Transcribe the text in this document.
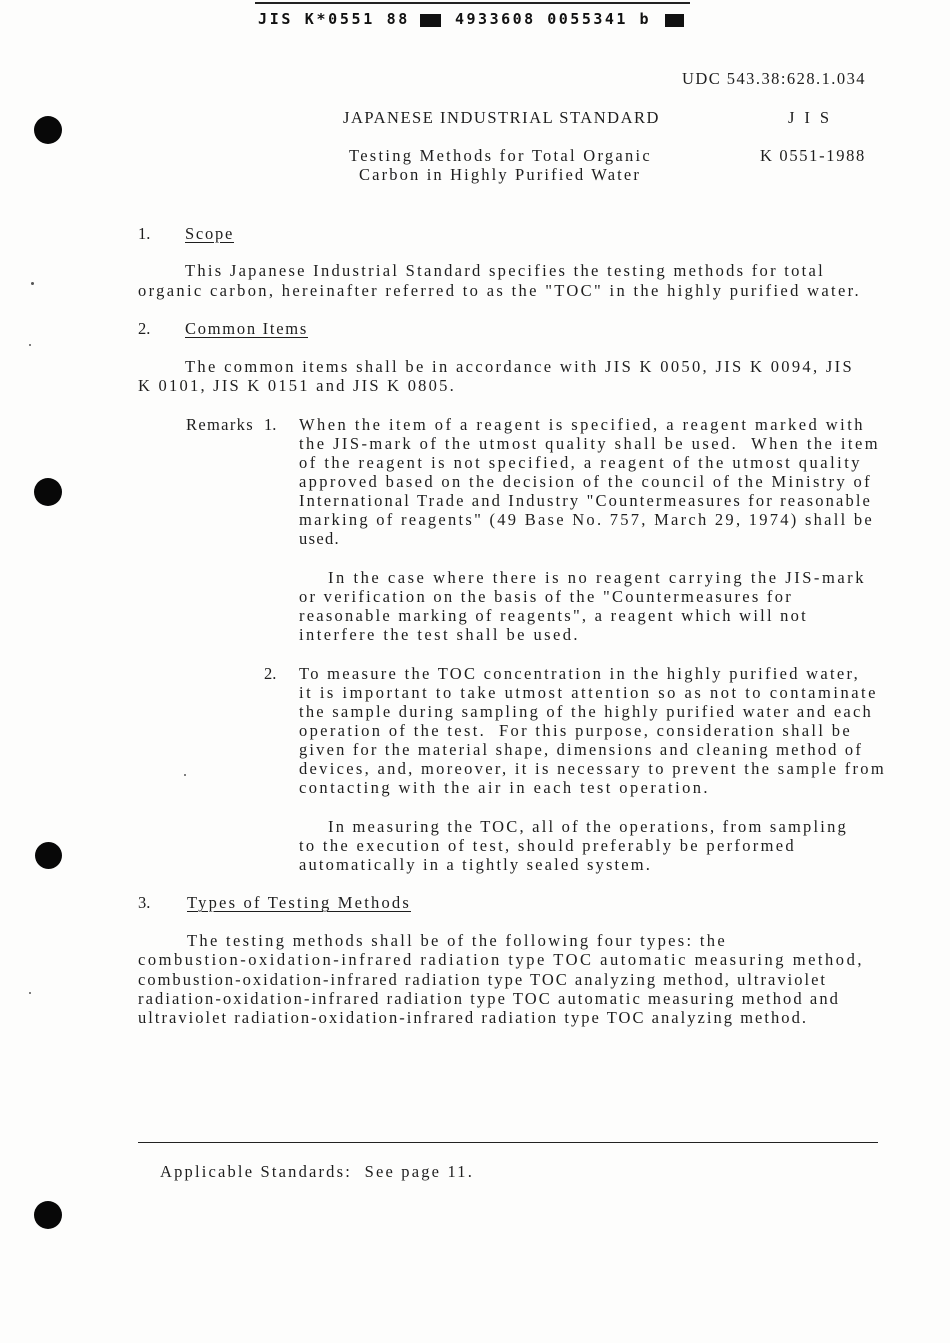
JIS K*0551 88	4933608 0055341 b
UDC 543.38:628.1.034
JAPANESE INDUSTRIAL STANDARD	J I S
Testing Methods for Total Organic
Carbon in Highly Purified Water
K 0551-1988
1. Scope
This Japanese Industrial Standard specifies the testing methods for total
organic carbon, hereinafter referred to as the "TOC" in the highly purified water.
2. Common Items
The common items shall be in accordance with JIS K 0050, JIS K 0094, JIS
K 0101, JIS K 0151 and JIS K 0805.
Remarks 1. When the item of a reagent is specified, a reagent marked with
the JIS-mark of the utmost quality shall be used.  When the item
of the reagent is not specified, a reagent of the utmost quality
approved based on the decision of the council of the Ministry of
International Trade and Industry "Countermeasures for reasonable
marking of reagents" (49 Base No. 757, March 29, 1974) shall be
used.
In the case where there is no reagent carrying the JIS-mark
or verification on the basis of the "Countermeasures for
reasonable marking of reagents", a reagent which will not
interfere the test shall be used.
2. To measure the TOC concentration in the highly purified water,
it is important to take utmost attention so as not to contaminate
the sample during sampling of the highly purified water and each
operation of the test.  For this purpose, consideration shall be
given for the material shape, dimensions and cleaning method of
devices, and, moreover, it is necessary to prevent the sample from
contacting with the air in each test operation.
In measuring the TOC, all of the operations, from sampling
to the execution of test, should preferably be performed
automatically in a tightly sealed system.
3. Types of Testing Methods
The testing methods shall be of the following four types: the
combustion-oxidation-infrared radiation type TOC automatic measuring method,
combustion-oxidation-infrared radiation type TOC analyzing method, ultraviolet
radiation-oxidation-infrared radiation type TOC automatic measuring method and
ultraviolet radiation-oxidation-infrared radiation type TOC analyzing method.
Applicable Standards:  See page 11.
